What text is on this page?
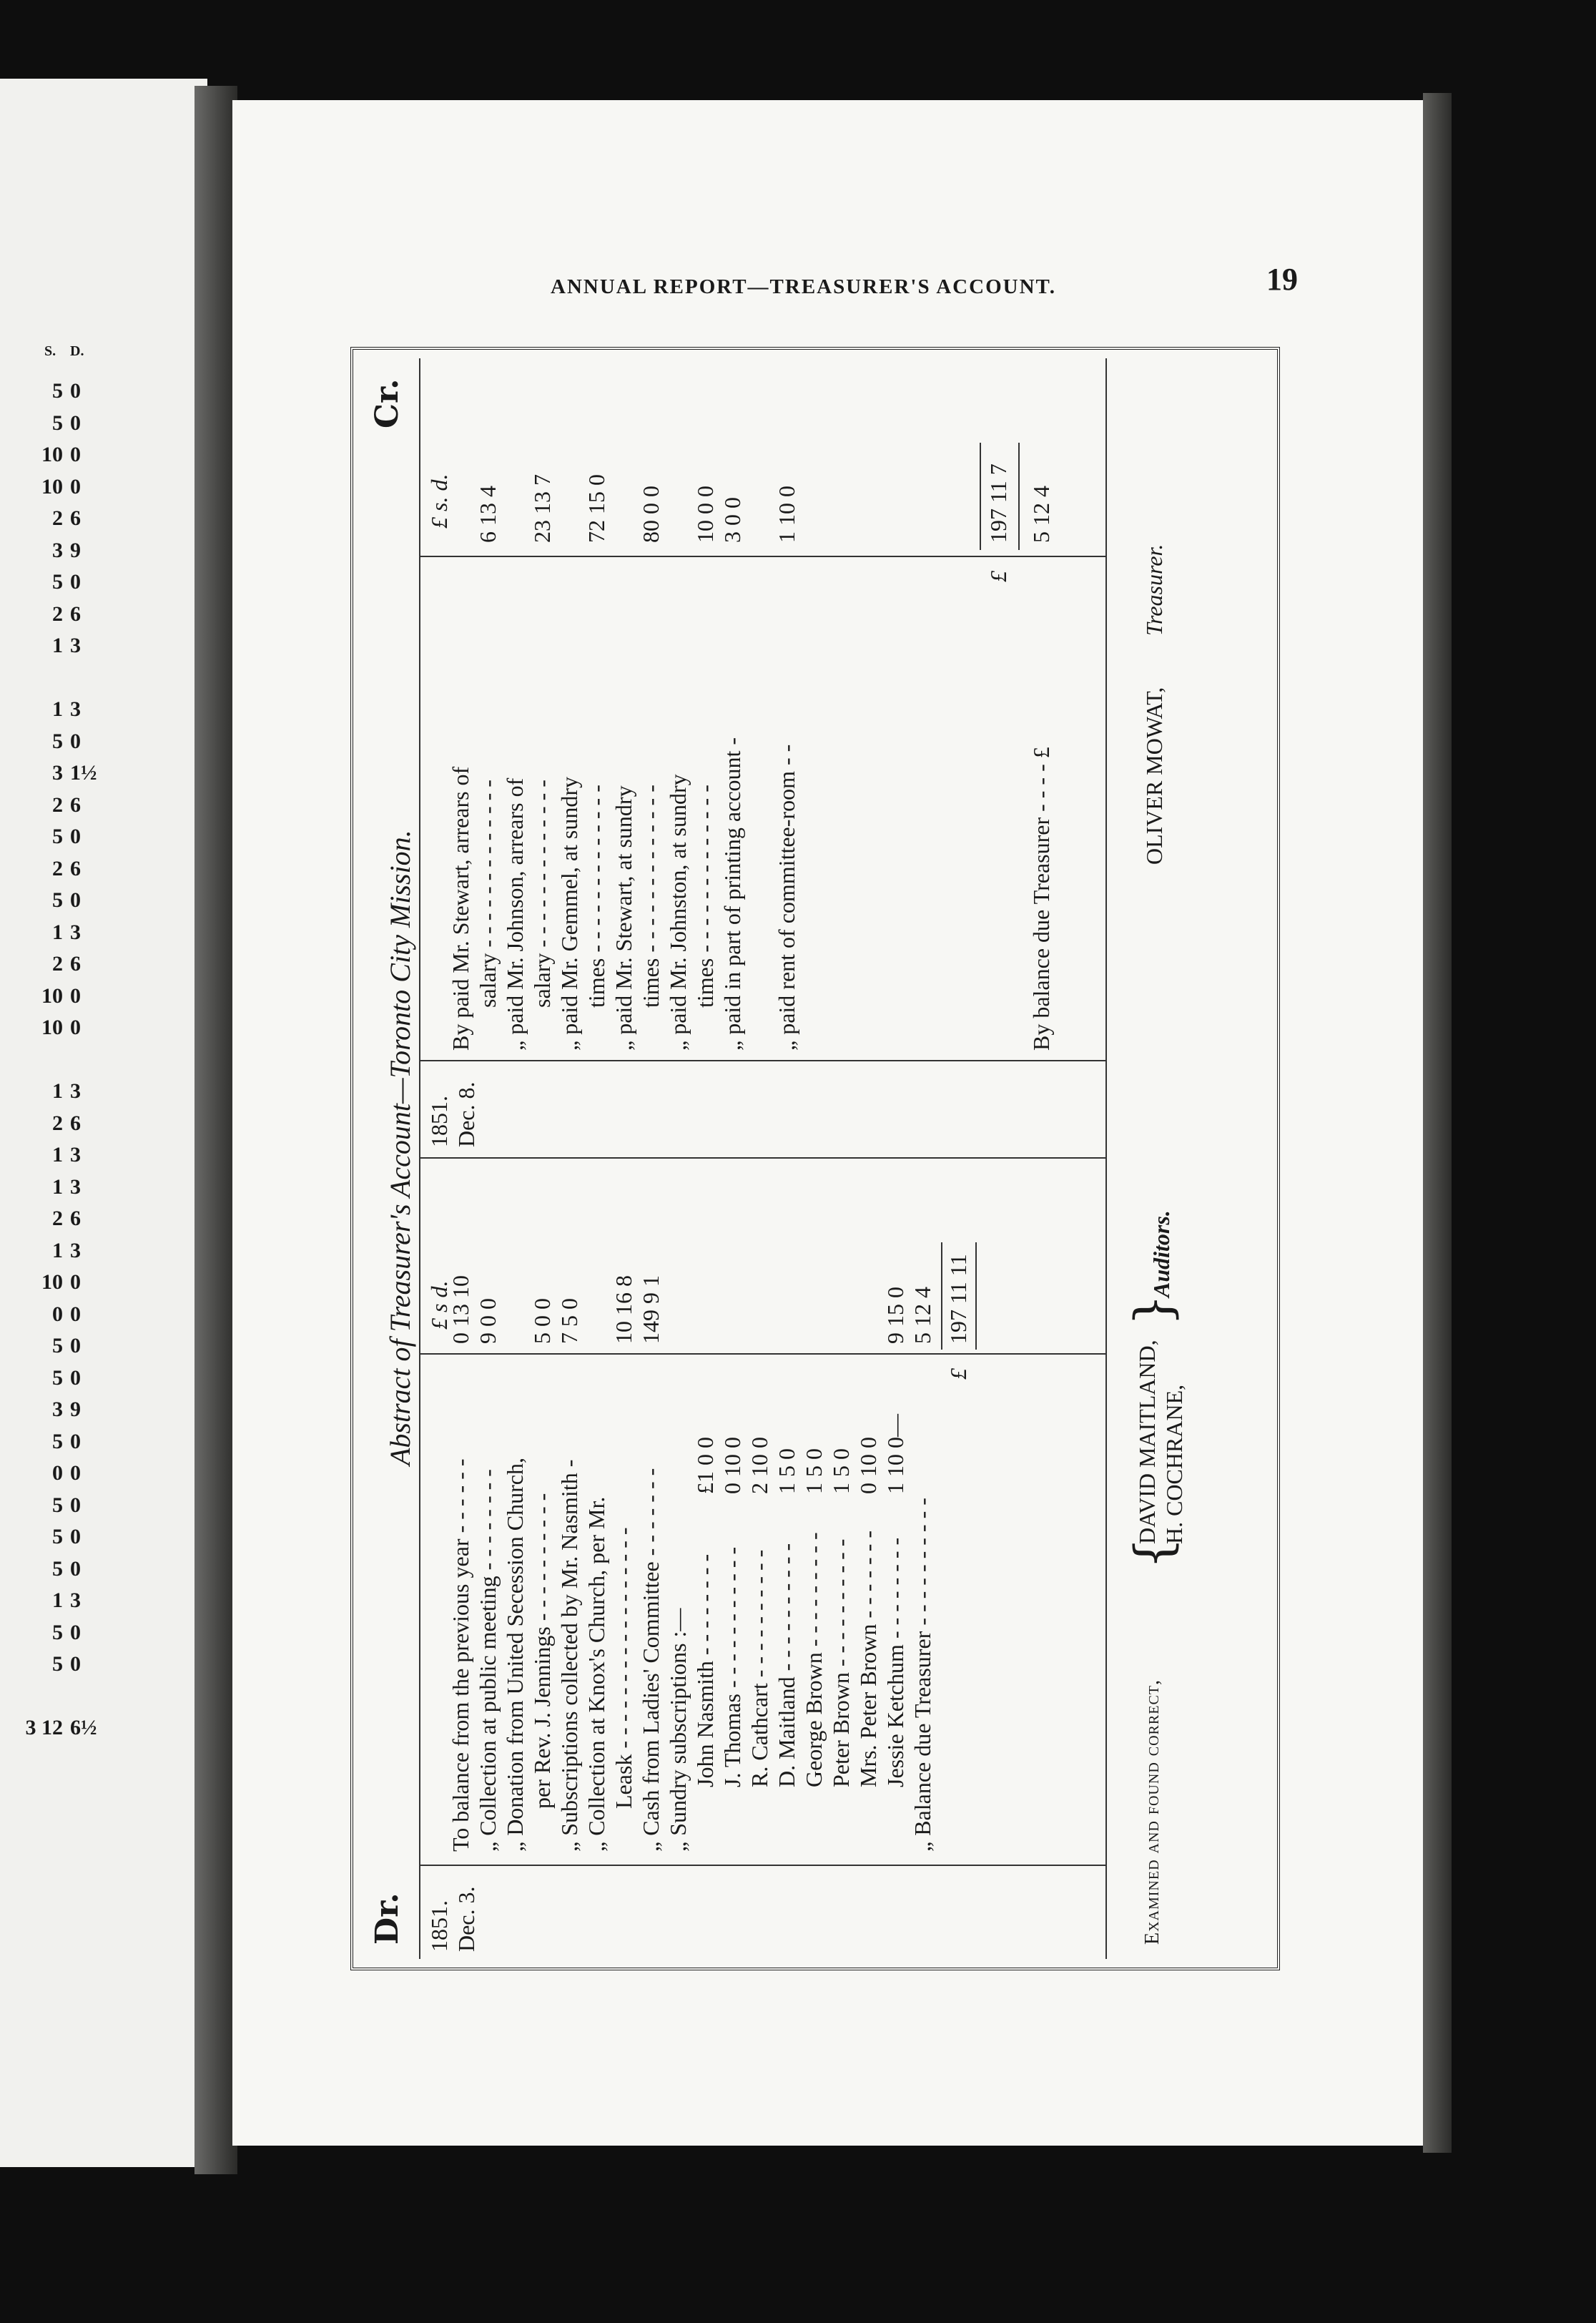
S. D.
5 0
5 0
10 0
10 0
2 6
3 9
5 0
2 6
1 3
1 3
5 0
3 1½
2 6
5 0
2 6
5 0
1 3
2 6
10 0
10 0
1 3
2 6
1 3
1 3
2 6
1 3
10 0
0 0
5 0
5 0
3 9
5 0
0 0
5 0
5 0
5 0
1 3
5 0
5 0
3 12 6½
ANNUAL REPORT—TREASURER'S ACCOUNT.	19
Abstract of Treasurer's Account—Toronto City Mission.
Dr.
Cr.
1851. Dec. 3.
£ s d.
1851. Dec. 8.
£ s. d.
Examined and found correct,
{
DAVID MAITLAND, H. COCHRANE,
}
Auditors.
OLIVER MOWAT,
Treasurer.
To balance from the previous year - - - - - -
0 13 10
„ Collection at public meeting - - - - - - - -
9 0 0
„ Donation from United Secession Church, per Rev. J. Jennings - - - - - - - - - -
5 0 0
„ Subscriptions collected by Mr. Nasmith -
7 5 0
„ Collection at Knox's Church, per Mr. Leask - - - - - - - - - - - - - - - - -
10 16 8
„ Cash from Ladies' Committee - - - - - - -
149 9 1
„ Sundry subscriptions :— John Nasmith - - - - - - - -
£1 0 0
J. Thomas - - - - - - - - - - -
0 10 0
R. Cathcart - - - - - - - - - -
2 10 0
D. Maitland - - - - - - - - - -
1 5 0
George Brown - - - - - - - - -
1 5 0
Peter Brown - - - - - - - - - -
1 5 0
Mrs. Peter Brown - - - - - - -
0 10 0
Jessie Ketchum - - - - - - - -
1 10 0—
9 15 0
„ Balance due Treasurer - - - - - - - - - -
5 12 4
£
197 11 11
By paid Mr. Stewart, arrears of salary - - - - - - - - - - - - -
6 13 4
„ paid Mr. Johnson, arrears of salary - - - - - - - - - - - - -
23 13 7
„ paid Mr. Gemmel, at sundry times - - - - - - - - - - - - -
72 15 0
„ paid Mr. Stewart, at sundry times - - - - - - - - - - - - -
80 0 0
„ paid Mr. Johnston, at sundry times - - - - - - - - - - - - -
10 0 0
„ paid in part of printing account -
3 0 0
„ paid rent of committee-room - -
1 10 0
£
197 11 7
By balance due Treasurer - - - - £
5 12 4
